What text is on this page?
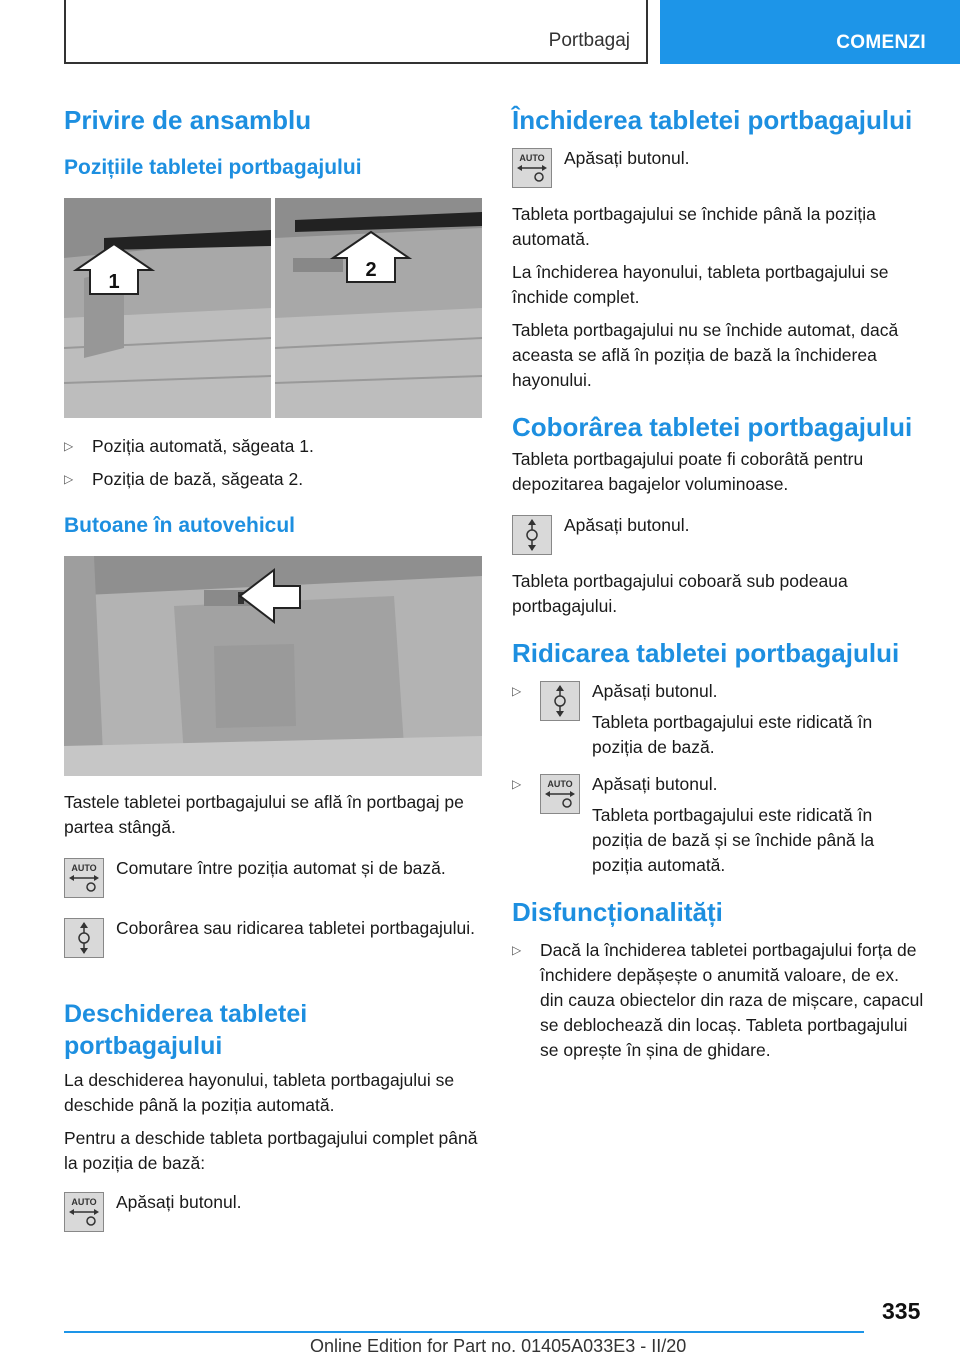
Portbagaj	COMENZI
Privire de ansamblu
Pozițiile tabletei portbagajului
1
2
▷ Poziția automată, săgeata 1.
▷ Poziția de bază, săgeata 2.
Butoane în autovehicul

Tastele tabletei portbagajului se află în portbagaj pe partea stângă.

AUTO Comutare între poziția automat și de bază.
Coborârea sau ridicarea tabletei portbagajului.
Deschiderea tabletei portbagajului

La deschiderea hayonului, tableta portbagajului se deschide până la poziția automată.

Pentru a deschide tableta portbagajului complet până la poziția de bază:

AUTO Apăsați butonul.
Închiderea tabletei portbagajului
AUTO Apăsați butonul.

Tableta portbagajului se închide până la poziția automată.

La închiderea hayonului, tableta portbagajului se închide complet.

Tableta portbagajului nu se închide automat, dacă aceasta se află în poziția de bază la închiderea hayonului.

Coborârea tabletei portbagajului

Tableta portbagajului poate fi coborâtă pentru depozitarea bagajelor voluminoase.

Apăsați butonul.

Tableta portbagajului coboară sub podeaua portbagajului.

Ridicarea tabletei portbagajului
▷	Apăsați butonul.
Tableta portbagajului este ridicată în poziția de bază.
▷	AUTO Apăsați butonul.
Tableta portbagajului este ridicată în poziția de bază și se închide până la poziția automată.
Disfuncționalități
▷ Dacă la închiderea tabletei portbagajului forța de închidere depășește o anumită valoare, de ex. din cauza obiectelor din raza de mișcare, capacul se deblochează din locaș. Tableta portbagajului se oprește în șina de ghidare.
335
Online Edition for Part no. 01405A033E3 - II/20
